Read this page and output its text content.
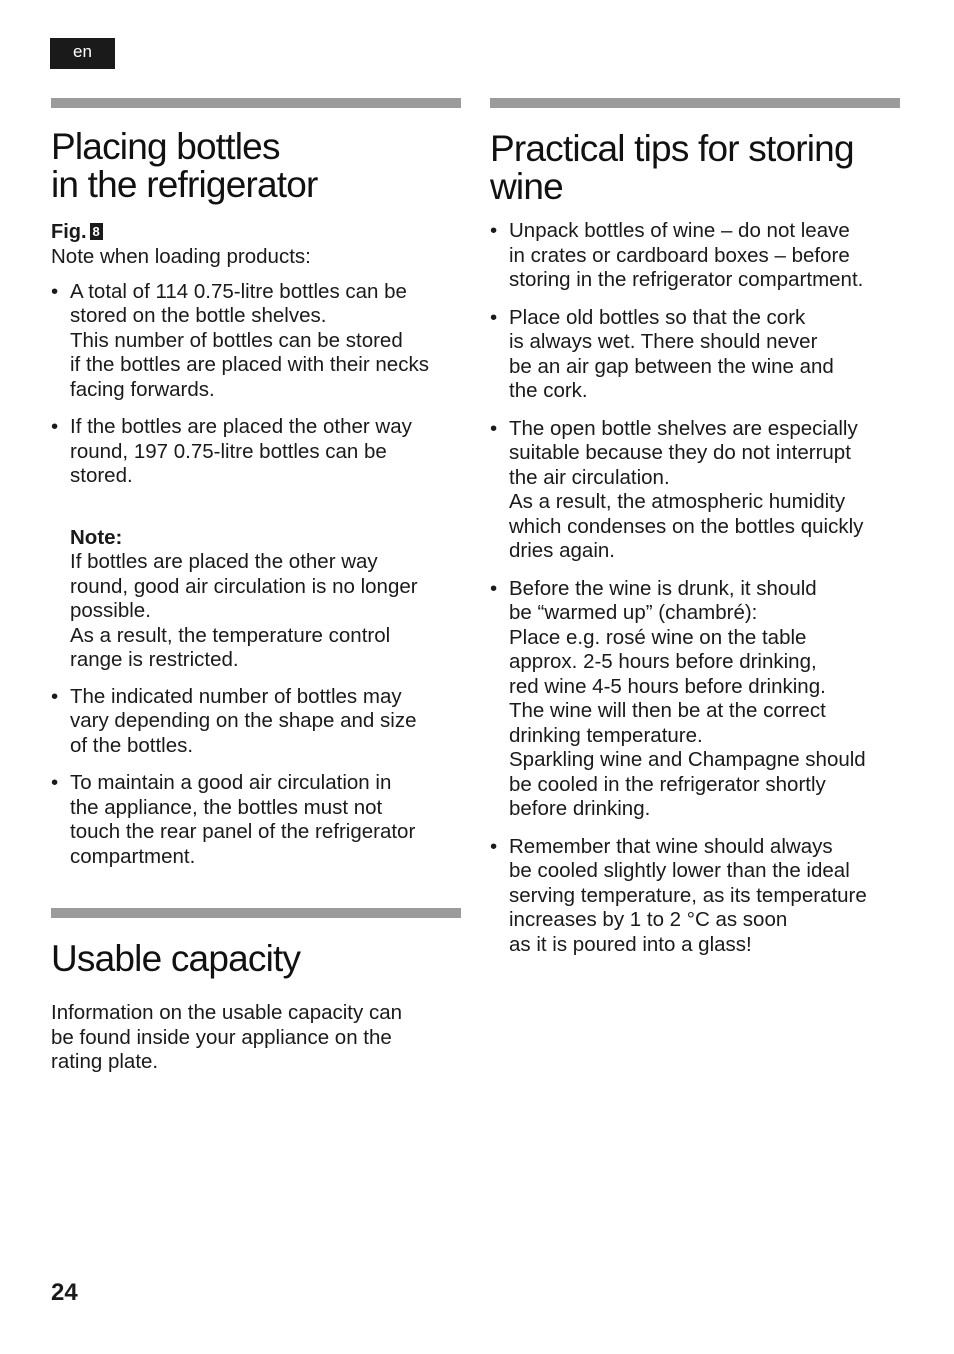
en
Placing bottles
in the refrigerator
Fig. 8

Note when loading products:

• A total of 114 0.75-litre bottles can be
stored on the bottle shelves.
This number of bottles can be stored
if the bottles are placed with their necks
facing forwards.
• If the bottles are placed the other way
round, 197 0.75-litre bottles can be
stored.

Note:
If bottles are placed the other way
round, good air circulation is no longer
possible.
As a result, the temperature control
range is restricted.

• The indicated number of bottles may
vary depending on the shape and size
of the bottles.
• To maintain a good air circulation in
the appliance, the bottles must not
touch the rear panel of the refrigerator
compartment.
Usable capacity

Information on the usable capacity can
be found inside your appliance on the
rating plate.

Practical tips for storing
wine
• Unpack bottles of wine – do not leave
in crates or cardboard boxes – before
storing in the refrigerator compartment.
• Place old bottles so that the cork
is always wet. There should never
be an air gap between the wine and
the cork.
• The open bottle shelves are especially
suitable because they do not interrupt
the air circulation.
As a result, the atmospheric humidity
which condenses on the bottles quickly
dries again.
• Before the wine is drunk, it should
be “warmed up” (chambré):
Place e.g. rosé wine on the table
approx. 2-5 hours before drinking,
red wine 4-5 hours before drinking.
The wine will then be at the correct
drinking temperature.
Sparkling wine and Champagne should
be cooled in the refrigerator shortly
before drinking.
• Remember that wine should always
be cooled slightly lower than the ideal
serving temperature, as its temperature
increases by 1 to 2 °C as soon
as it is poured into a glass!
24
